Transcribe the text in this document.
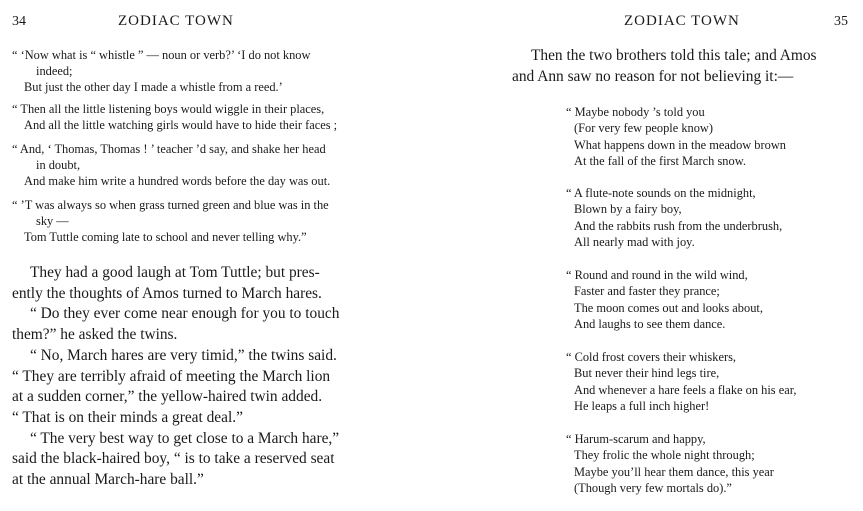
34	ZODIAC TOWN
“ ‘Now what is “ whistle ” — noun or verb?’ ‘I do not know
indeed;
But just the other day I made a whistle from a reed.’
“ Then all the little listening boys would wiggle in their places,
And all the little watching girls would have to hide their faces ;
“ And, ‘ Thomas, Thomas ! ’ teacher ’d say, and shake her head
in doubt,
And make him write a hundred words before the day was out.
“ ’T was always so when grass turned green and blue was in the
sky —
Tom Tuttle coming late to school and never telling why.”
They had a good laugh at Tom Tuttle; but pres-
ently the thoughts of Amos turned to March hares.
“ Do they ever come near enough for you to touch
them?” he asked the twins.
“ No, March hares are very timid,” the twins said.
“ They are terribly afraid of meeting the March lion
at a sudden corner,” the yellow-haired twin added.
“ That is on their minds a great deal.”
“ The very best way to get close to a March hare,”
said the black-haired boy, “ is to take a reserved seat
at the annual March-hare ball.”
ZODIAC TOWN	35
Then the two brothers told this tale; and Amos
and Ann saw no reason for not believing it:—
“ Maybe nobody ’s told you
(For very few people know)
What happens down in the meadow brown
At the fall of the first March snow.
“ A flute-note sounds on the midnight,
Blown by a fairy boy,
And the rabbits rush from the underbrush,
All nearly mad with joy.
“ Round and round in the wild wind,
Faster and faster they prance;
The moon comes out and looks about,
And laughs to see them dance.
“ Cold frost covers their whiskers,
But never their hind legs tire,
And whenever a hare feels a flake on his ear,
He leaps a full inch higher!
“ Harum-scarum and happy,
They frolic the whole night through;
Maybe you’ll hear them dance, this year
(Though very few mortals do).”
